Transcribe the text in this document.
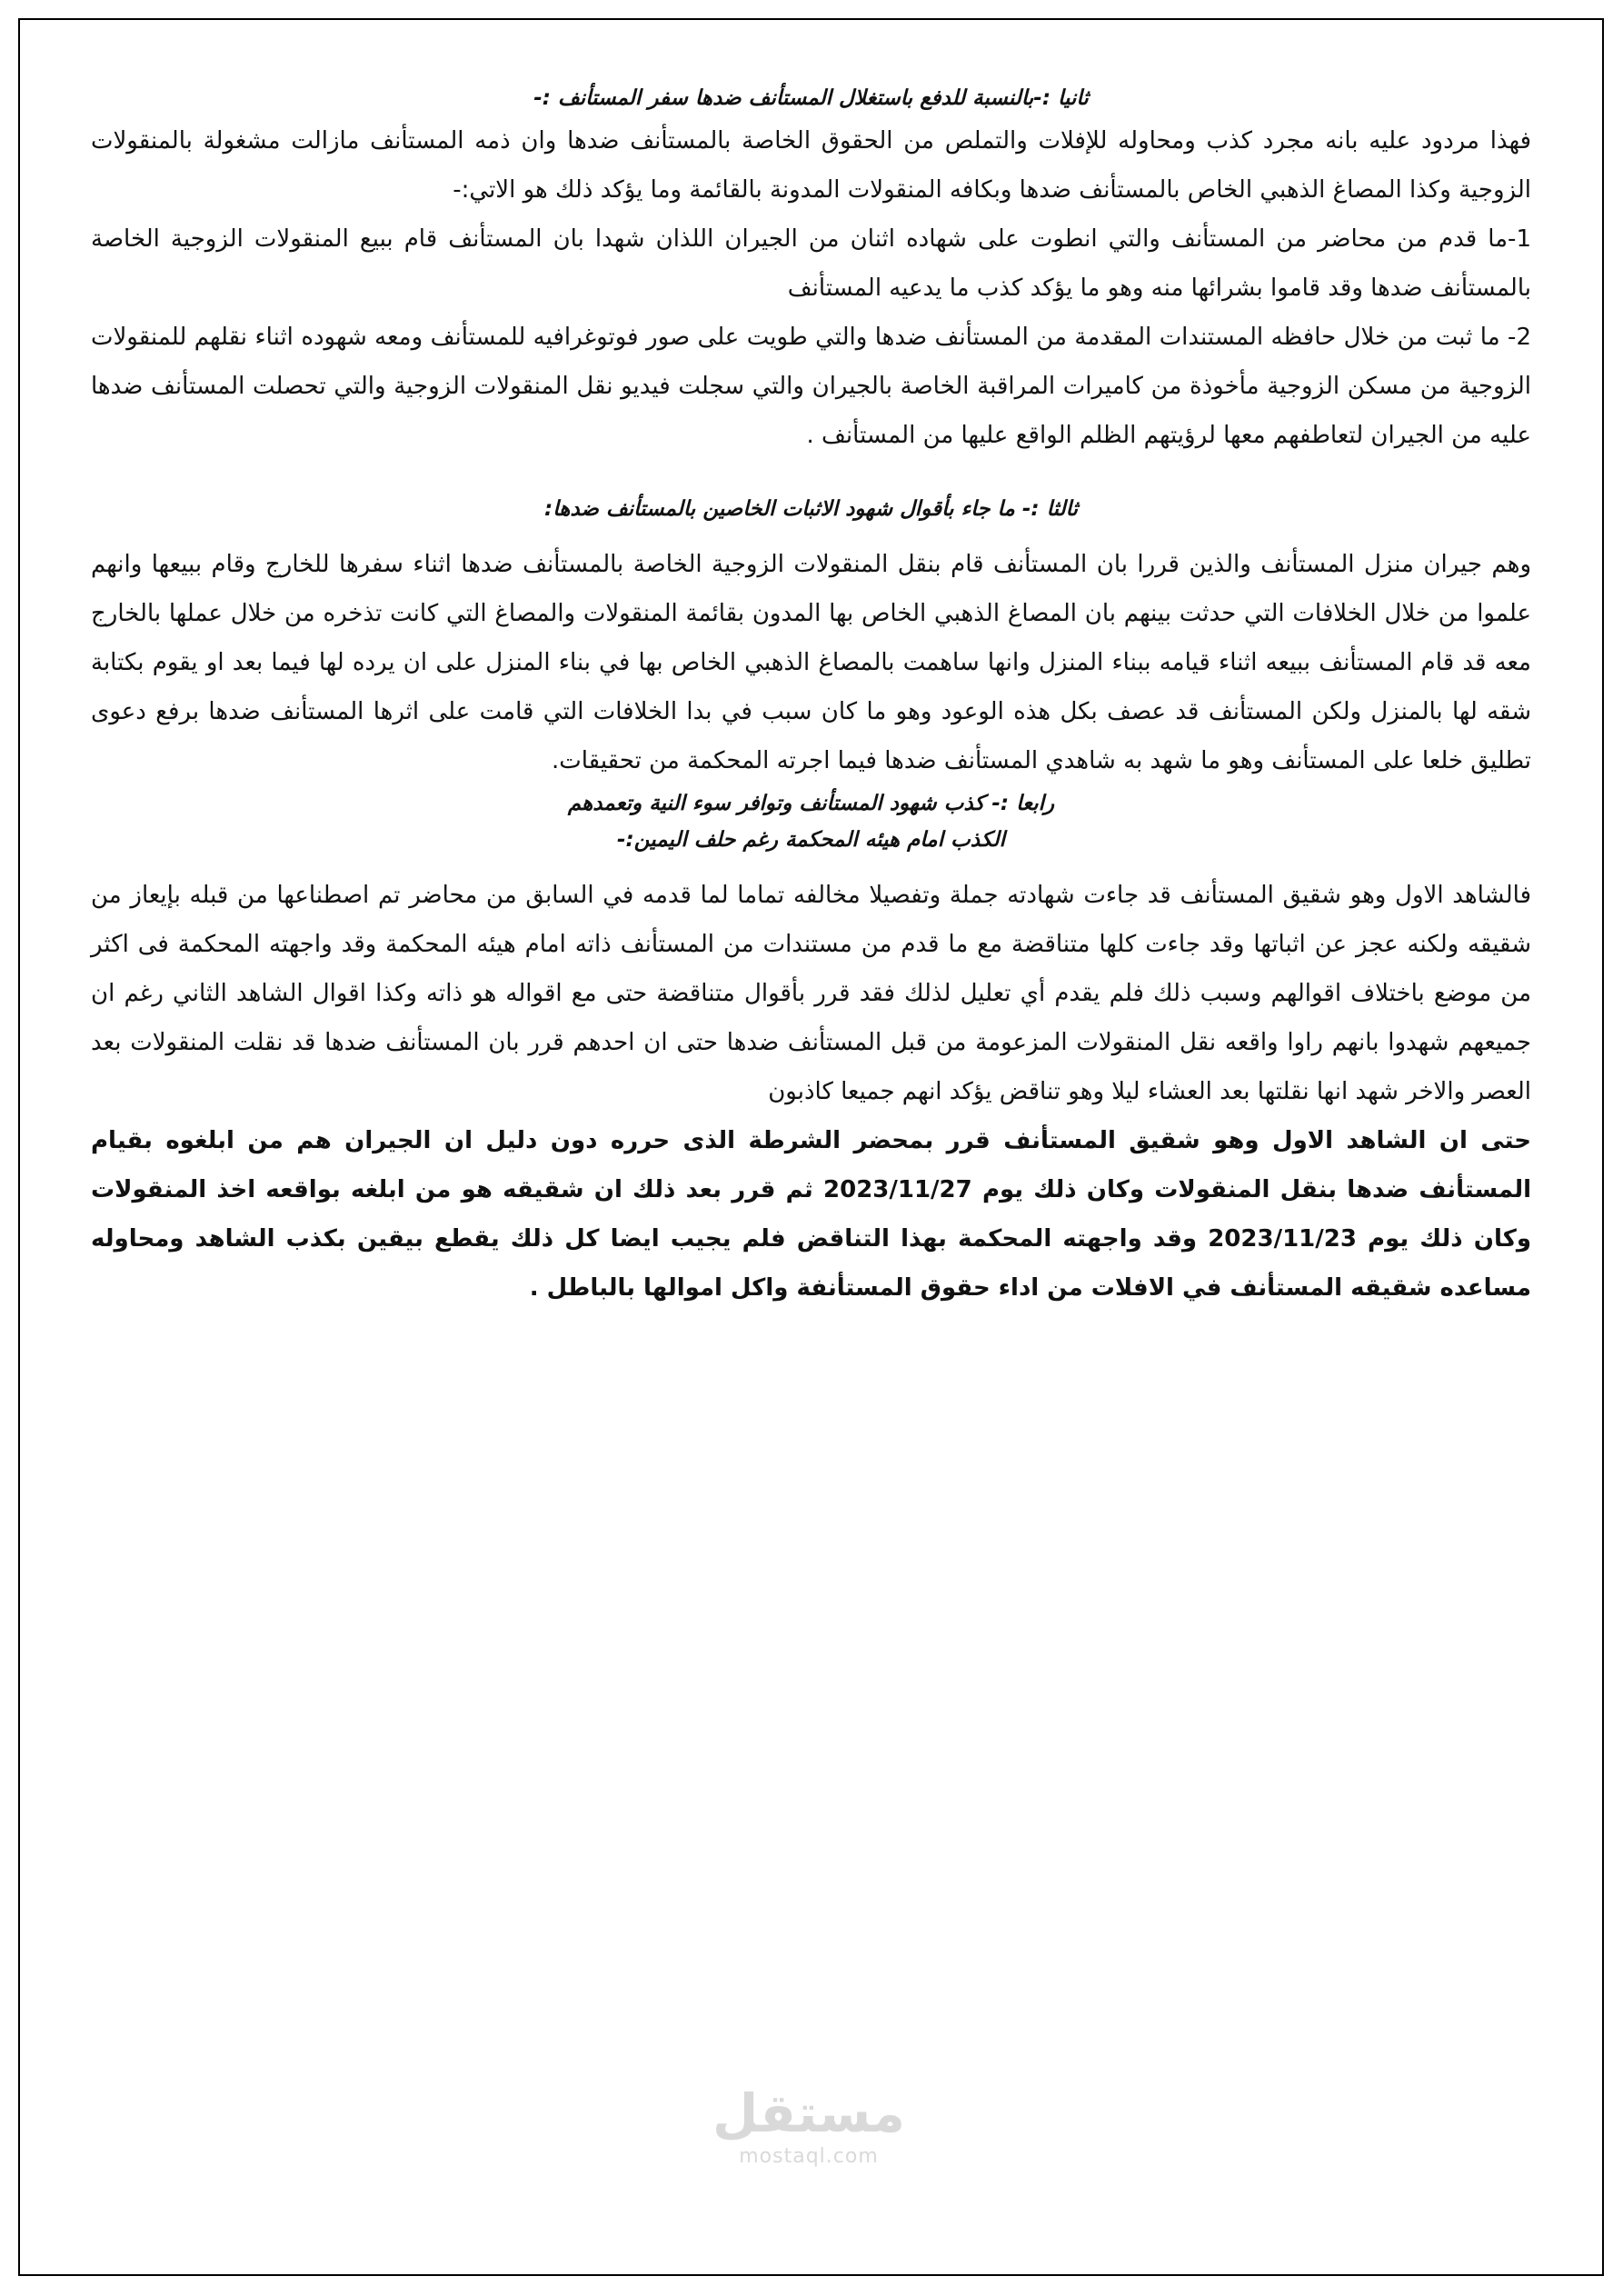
ثانيا :-بالنسبة للدفع باستغلال المستأنف ضدها سفر المستأنف :-

فهذا مردود عليه بانه مجرد كذب ومحاوله للإفلات والتملص من الحقوق الخاصة بالمستأنف ضدها وان ذمه المستأنف مازالت مشغولة بالمنقولات الزوجية وكذا المصاغ الذهبي الخاص بالمستأنف ضدها وبكافه المنقولات المدونة بالقائمة وما يؤكد ذلك هو الاتي:-

1-ما قدم من محاضر من المستأنف والتي انطوت على شهاده اثنان من الجيران اللذان شهدا بان المستأنف قام ببيع المنقولات الزوجية الخاصة بالمستأنف ضدها وقد قاموا بشرائها منه وهو ما يؤكد كذب ما يدعيه المستأنف

2- ما ثبت من خلال حافظه المستندات المقدمة من المستأنف ضدها والتي طويت على صور فوتوغرافيه للمستأنف ومعه شهوده اثناء نقلهم للمنقولات الزوجية من مسكن الزوجية مأخوذة من كاميرات المراقبة الخاصة بالجيران والتي سجلت فيديو نقل المنقولات الزوجية والتي تحصلت المستأنف ضدها عليه من الجيران لتعاطفهم معها لرؤيتهم الظلم الواقع عليها من المستأنف .

ثالثا :- ما جاء بأقوال شهود الاثبات الخاصين بالمستأنف ضدها:

وهم جيران منزل المستأنف والذين قررا بان المستأنف قام بنقل المنقولات الزوجية الخاصة بالمستأنف ضدها اثناء سفرها للخارج وقام ببيعها وانهم علموا من خلال الخلافات التي حدثت بينهم بان المصاغ الذهبي الخاص بها المدون بقائمة المنقولات والمصاغ التي كانت تذخره من خلال عملها بالخارج معه قد قام المستأنف ببيعه اثناء قيامه ببناء المنزل وانها ساهمت بالمصاغ الذهبي الخاص بها في بناء المنزل على ان يرده لها فيما بعد او يقوم بكتابة شقه لها بالمنزل ولكن المستأنف قد عصف بكل هذه الوعود وهو ما كان سبب في بدا الخلافات التي قامت على اثرها المستأنف ضدها برفع دعوى تطليق خلعا على المستأنف وهو ما شهد به شاهدي المستأنف ضدها فيما اجرته المحكمة من تحقيقات.

رابعا :- كذب شهود المستأنف وتوافر سوء النية وتعمدهم

الكذب امام هيئه المحكمة رغم حلف اليمين:-

فالشاهد الاول وهو شقيق المستأنف قد جاءت شهادته جملة وتفصيلا مخالفه تماما لما قدمه في السابق من محاضر تم اصطناعها من قبله بإيعاز من شقيقه ولكنه عجز عن اثباتها وقد جاءت كلها متناقضة مع ما قدم من مستندات من المستأنف ذاته امام هيئه المحكمة وقد واجهته المحكمة فى اكثر من موضع باختلاف اقوالهم وسبب ذلك فلم يقدم أي تعليل لذلك فقد قرر بأقوال متناقضة حتى مع اقواله هو ذاته وكذا اقوال الشاهد الثاني رغم ان جميعهم شهدوا بانهم راوا واقعه نقل المنقولات المزعومة من قبل المستأنف ضدها حتى ان احدهم قرر بان المستأنف ضدها قد نقلت المنقولات بعد العصر والاخر شهد انها نقلتها بعد العشاء ليلا وهو تناقض يؤكد انهم جميعا كاذبون

حتى ان الشاهد الاول وهو شقيق المستأنف قرر بمحضر الشرطة الذى حرره دون دليل ان الجيران هم من ابلغوه بقيام المستأنف ضدها بنقل المنقولات وكان ذلك يوم 2023/11/27 ثم قرر بعد ذلك ان شقيقه هو من ابلغه بواقعه اخذ المنقولات وكان ذلك يوم 2023/11/23 وقد واجهته المحكمة بهذا التناقض فلم يجيب ايضا كل ذلك يقطع بيقين بكذب الشاهد ومحاوله مساعده شقيقه المستأنف في الافلات من اداء حقوق المستأنفة واكل اموالها بالباطل .

مستقل
mostaql.com
